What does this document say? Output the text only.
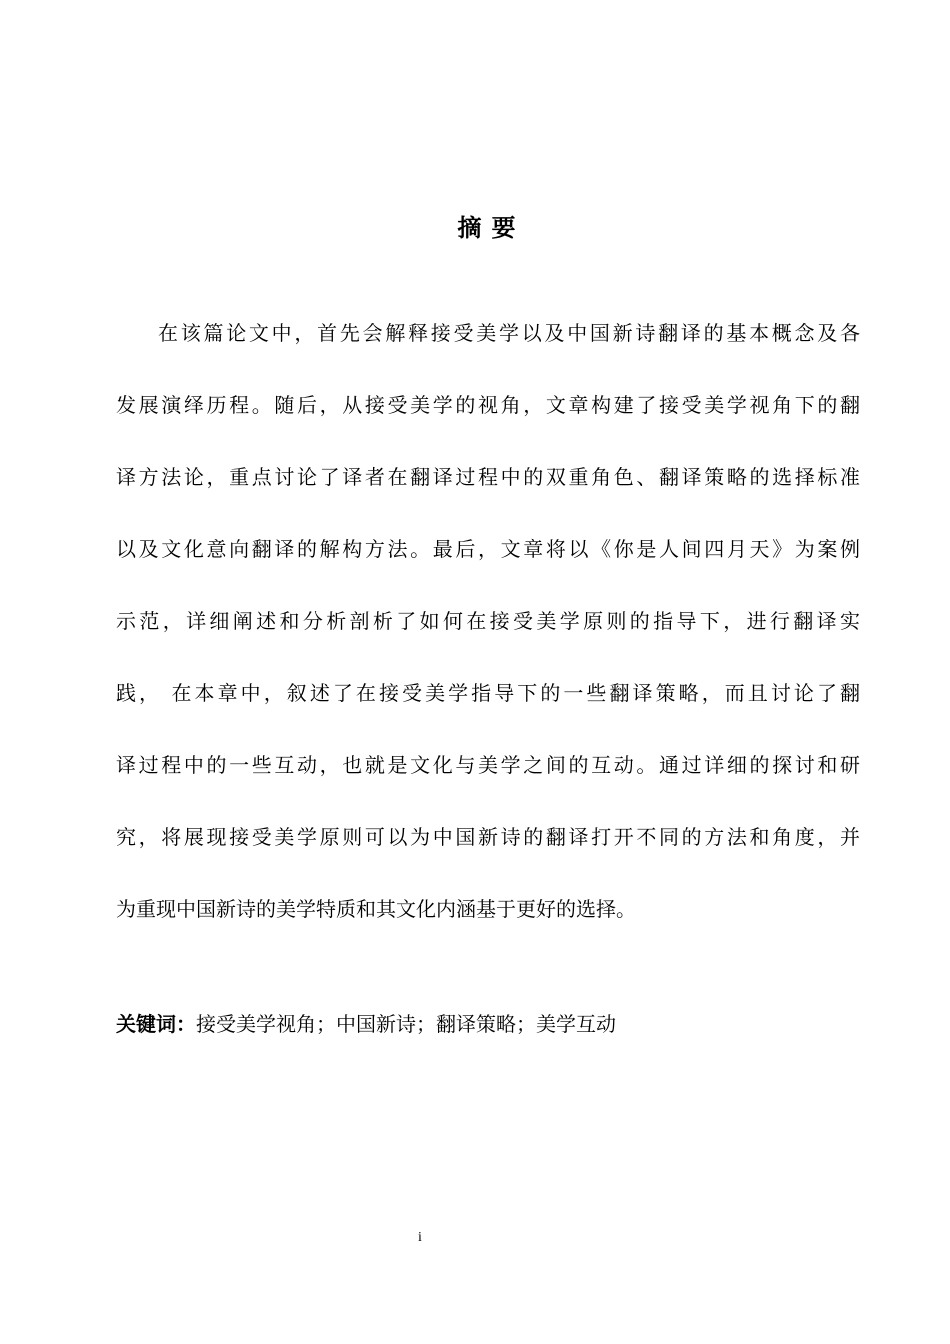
摘 要
在该篇论文中，首先会解释接受美学以及中国新诗翻译的基本概念及各
发展演绎历程。随后，从接受美学的视角，文章构建了接受美学视角下的翻
译方法论，重点讨论了译者在翻译过程中的双重角色、翻译策略的选择标准
以及文化意向翻译的解构方法。最后，文章将以《你是人间四月天》为案例
示范，详细阐述和分析剖析了如何在接受美学原则的指导下，进行翻译实
践， 在本章中，叙述了在接受美学指导下的一些翻译策略，而且讨论了翻
译过程中的一些互动，也就是文化与美学之间的互动。通过详细的探讨和研
究，将展现接受美学原则可以为中国新诗的翻译打开不同的方法和角度，并
为重现中国新诗的美学特质和其文化内涵基于更好的选择。
关键词：接受美学视角；中国新诗；翻译策略；美学互动
i
